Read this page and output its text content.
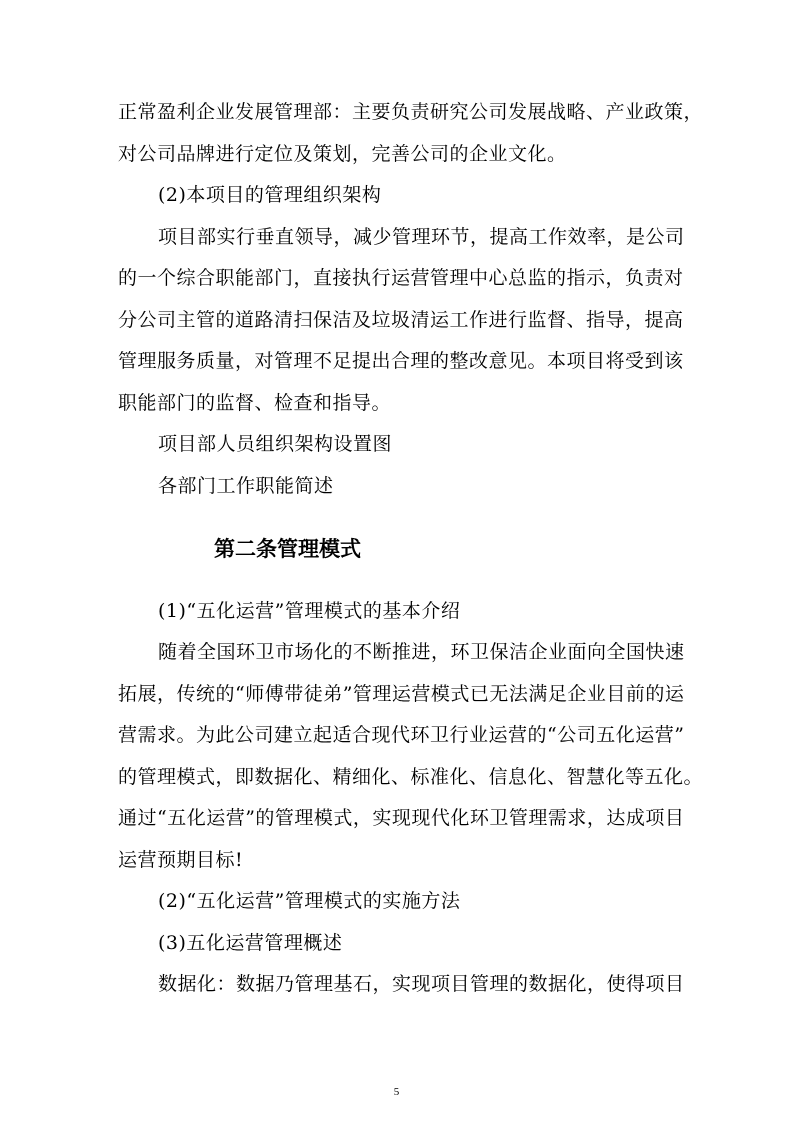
正常盈利企业发展管理部：主要负责研究公司发展战略、产业政策，
对公司品牌进行定位及策划，完善公司的企业文化。
(2)本项目的管理组织架构
项目部实行垂直领导，减少管理环节，提高工作效率，是公司
的一个综合职能部门，直接执行运营管理中心总监的指示，负责对
分公司主管的道路清扫保洁及垃圾清运工作进行监督、指导，提高
管理服务质量，对管理不足提出合理的整改意见。本项目将受到该
职能部门的监督、检查和指导。
项目部人员组织架构设置图
各部门工作职能简述
第二条管理模式
(1)“五化运营”管理模式的基本介绍
随着全国环卫市场化的不断推进，环卫保洁企业面向全国快速
拓展，传统的“师傅带徒弟”管理运营模式已无法满足企业目前的运
营需求。为此公司建立起适合现代环卫行业运营的“公司五化运营”
的管理模式，即数据化、精细化、标准化、信息化、智慧化等五化。
通过“五化运营”的管理模式，实现现代化环卫管理需求，达成项目
运营预期目标!
(2)“五化运营”管理模式的实施方法
(3)五化运营管理概述
数据化：数据乃管理基石，实现项目管理的数据化，使得项目
5
